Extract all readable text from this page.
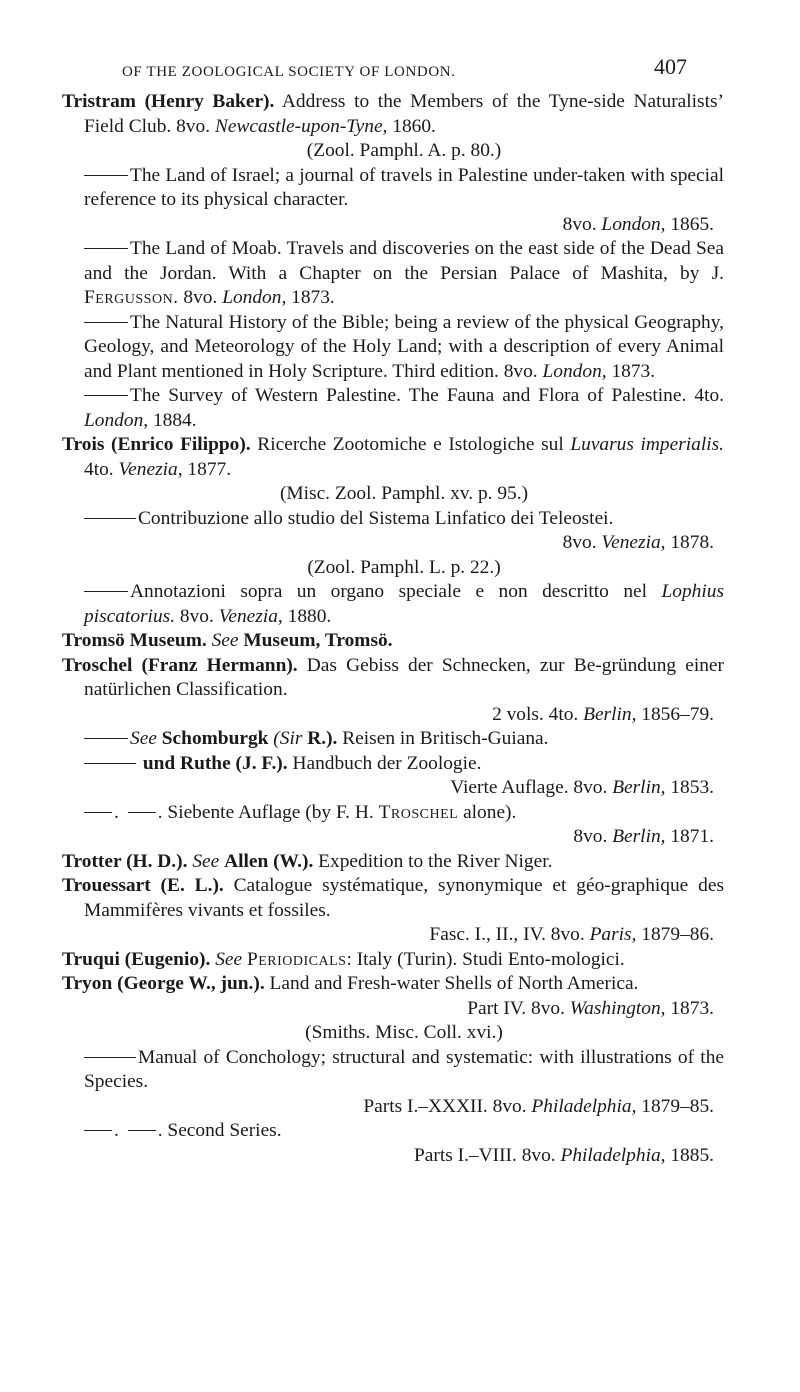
OF THE ZOOLOGICAL SOCIETY OF LONDON.	407
Tristram (Henry Baker). Address to the Members of the Tyne-side Naturalists’ Field Club. 8vo. Newcastle-upon-Tyne, 1860.
(Zool. Pamphl. A. p. 80.)
The Land of Israel; a journal of travels in Palestine under-taken with special reference to its physical character.
8vo. London, 1865.
The Land of Moab. Travels and discoveries on the east side of the Dead Sea and the Jordan. With a Chapter on the Persian Palace of Mashita, by J. Fergusson. 8vo. London, 1873.
The Natural History of the Bible; being a review of the physical Geography, Geology, and Meteorology of the Holy Land; with a description of every Animal and Plant mentioned in Holy Scripture. Third edition. 8vo. London, 1873.
The Survey of Western Palestine. The Fauna and Flora of Palestine. 4to. London, 1884.
Trois (Enrico Filippo). Ricerche Zootomiche e Istologiche sul Luvarus imperialis. 4to. Venezia, 1877.
(Misc. Zool. Pamphl. xv. p. 95.)
Contribuzione allo studio del Sistema Linfatico dei Teleostei.
8vo. Venezia, 1878.
(Zool. Pamphl. L. p. 22.)
Annotazioni sopra un organo speciale e non descritto nel Lophius piscatorius. 8vo. Venezia, 1880.
Tromsö Museum. See Museum, Tromsö.
Troschel (Franz Hermann). Das Gebiss der Schnecken, zur Be-gründung einer natürlichen Classification.
2 vols. 4to. Berlin, 1856–79.
See Schomburgk (Sir R.). Reisen in Britisch-Guiana.
und Ruthe (J. F.). Handbuch der Zoologie.
Vierte Auflage. 8vo. Berlin, 1853.
. . Siebente Auflage (by F. H. Troschel alone).
8vo. Berlin, 1871.
Trotter (H. D.). See Allen (W.). Expedition to the River Niger.
Trouessart (E. L.). Catalogue systématique, synonymique et géo-graphique des Mammifères vivants et fossiles.
Fasc. I., II., IV. 8vo. Paris, 1879–86.
Truqui (Eugenio). See Periodicals: Italy (Turin). Studi Ento-mologici.
Tryon (George W., jun.). Land and Fresh-water Shells of North America.
Part IV. 8vo. Washington, 1873.
(Smiths. Misc. Coll. xvi.)
Manual of Conchology; structural and systematic: with illustrations of the Species.
Parts I.–XXXII. 8vo. Philadelphia, 1879–85.
. . Second Series.
Parts I.–VIII. 8vo. Philadelphia, 1885.
